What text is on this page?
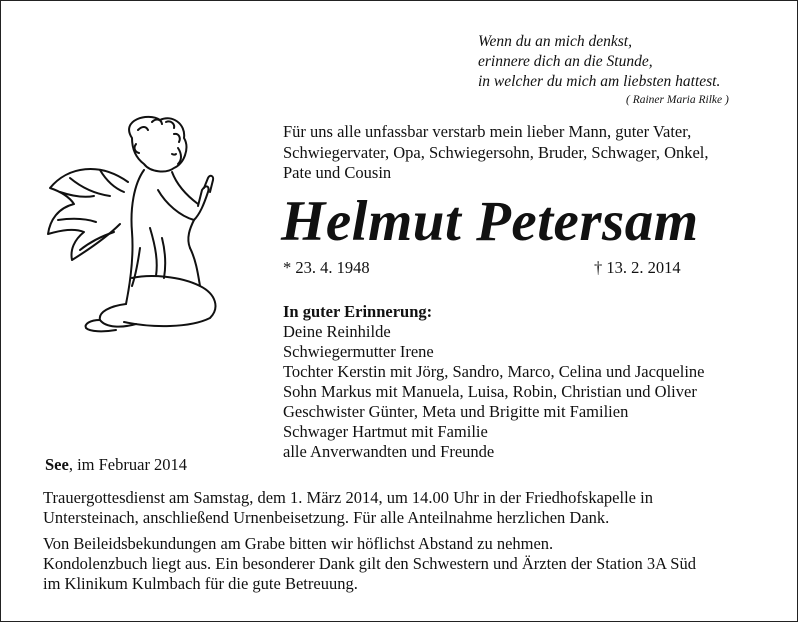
Wenn du an mich denkst,
erinnere dich an die Stunde,
in welcher du mich am liebsten hattest.
( Rainer Maria Rilke )
Für uns alle unfassbar verstarb mein lieber Mann, guter Vater,
Schwiegervater, Opa, Schwiegersohn, Bruder, Schwager, Onkel,
Pate und Cousin
Helmut Petersam
* 23. 4. 1948	† 13. 2. 2014
In guter Erinnerung:
Deine Reinhilde
Schwiegermutter Irene
Tochter Kerstin mit Jörg, Sandro, Marco, Celina und Jacqueline
Sohn Markus mit Manuela, Luisa, Robin, Christian und Oliver
Geschwister Günter, Meta und Brigitte mit Familien
Schwager Hartmut mit Familie
alle Anverwandten und Freunde
See, im Februar 2014
Trauergottesdienst am Samstag, dem 1. März 2014, um 14.00 Uhr in der Friedhofskapelle in
Untersteinach, anschließend Urnenbeisetzung. Für alle Anteilnahme herzlichen Dank.
Von Beileidsbekundungen am Grabe bitten wir höflichst Abstand zu nehmen.
Kondolenzbuch liegt aus. Ein besonderer Dank gilt den Schwestern und Ärzten der Station 3A Süd
im Klinikum Kulmbach für die gute Betreuung.
